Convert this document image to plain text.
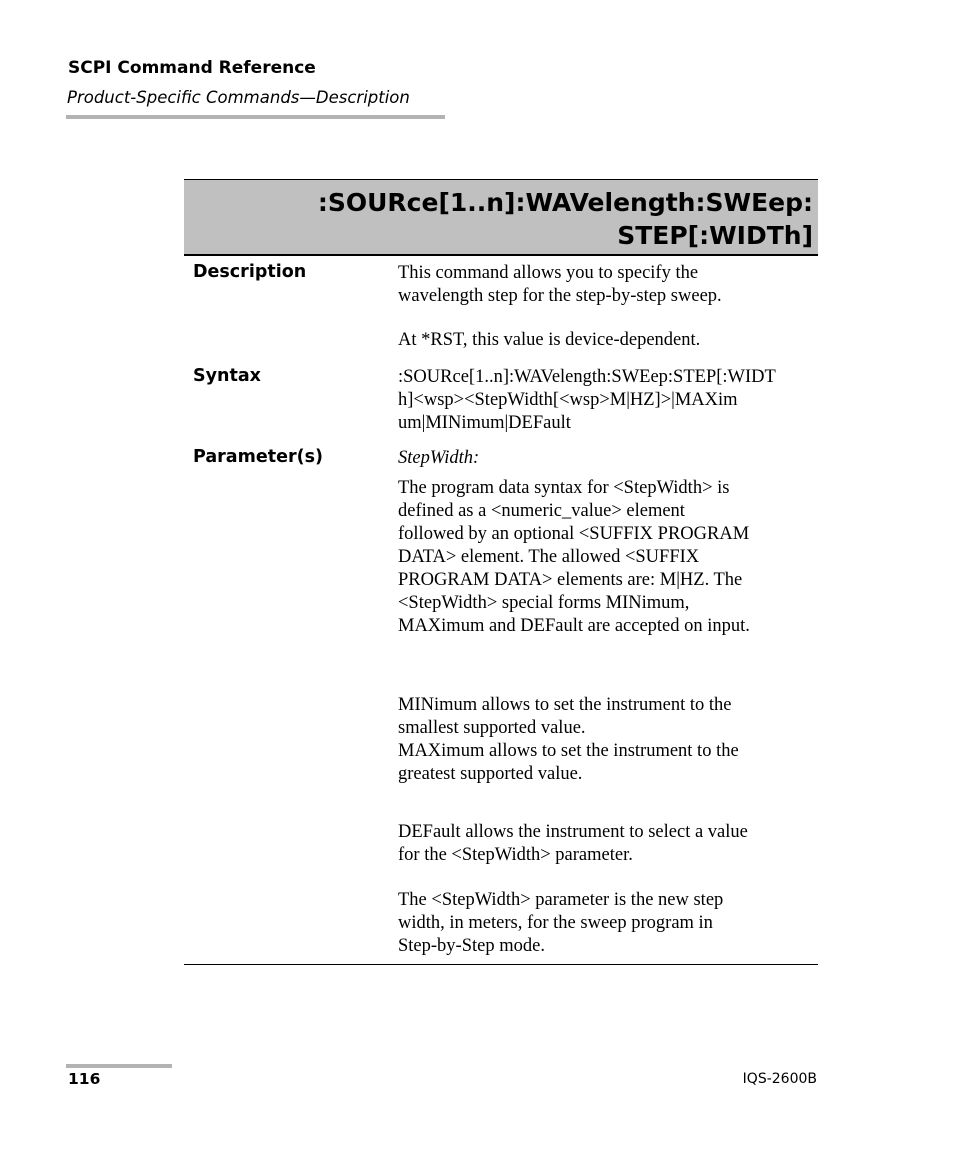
SCPI Command Reference
Product-Specific Commands—Description
:SOURce[1..n]:WAVelength:SWEep:
STEP[:WIDTh]
Description	This command allows you to specify the
wavelength step for the step-by-step sweep.
At *RST, this value is device-dependent.
Syntax	:SOURce[1..n]:WAVelength:SWEep:STEP[:WIDT
h]<wsp><StepWidth[<wsp>M|HZ]>|MAXim
um|MINimum|DEFault
Parameter(s)	StepWidth:
The program data syntax for <StepWidth> is
defined as a <numeric_value> element
followed by an optional <SUFFIX PROGRAM
DATA> element. The allowed <SUFFIX
PROGRAM DATA> elements are: M|HZ. The
<StepWidth> special forms MINimum,
MAXimum and DEFault are accepted on input.
MINimum allows to set the instrument to the
smallest supported value.
MAXimum allows to set the instrument to the
greatest supported value.
DEFault allows the instrument to select a value
for the <StepWidth> parameter.
The <StepWidth> parameter is the new step
width, in meters, for the sweep program in
Step-by-Step mode.
116	IQS-2600B
